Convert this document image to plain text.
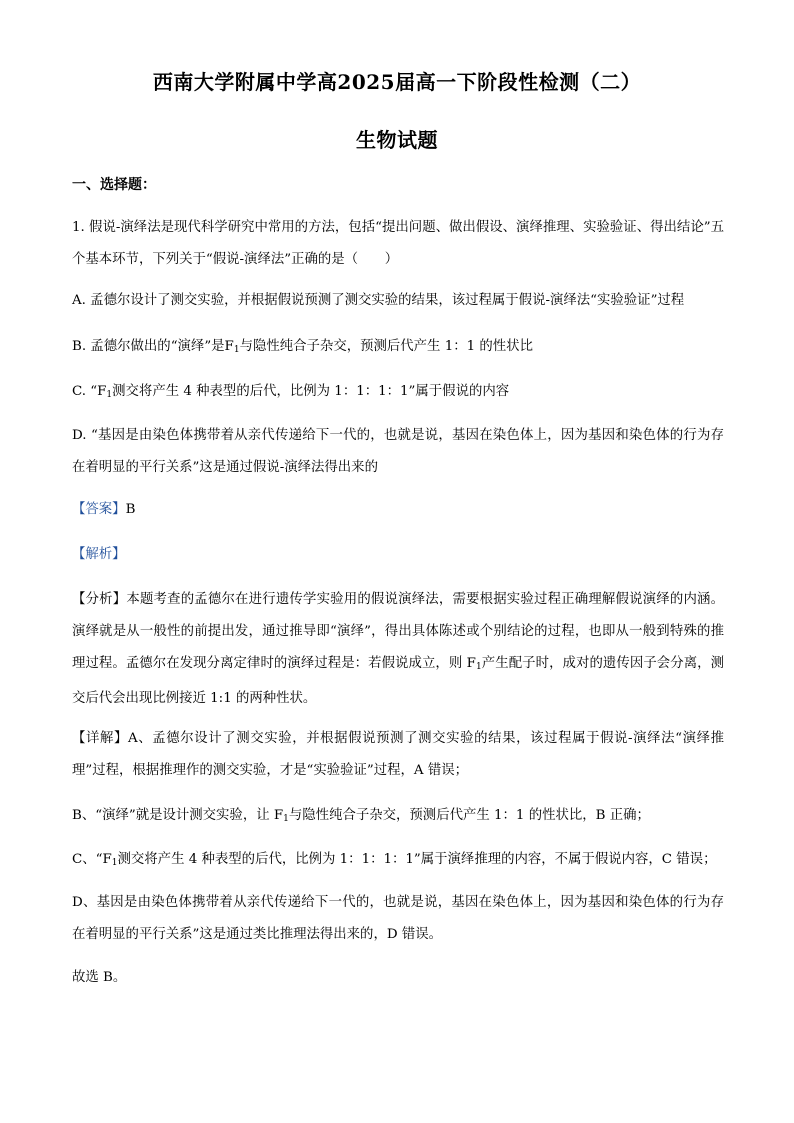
西南大学附属中学高2025届高一下阶段性检测（二）
生物试题
一、选择题：
1. 假说-演绎法是现代科学研究中常用的方法，包括“提出问题、做出假设、演绎推理、实验验证、得出结论”五个基本环节，下列关于“假说-演绎法”正确的是（　　）
A. 孟德尔设计了测交实验，并根据假说预测了测交实验的结果，该过程属于假说-演绎法“实验验证”过程
B. 孟德尔做出的“演绎”是$F_1$与隐性纯合子杂交，预测后代产生 1：1 的性状比
C. “$F_1$测交将产生 4 种表型的后代，比例为 1：1：1：1”属于假说的内容
D. “基因是由染色体携带着从亲代传递给下一代的，也就是说，基因在染色体上，因为基因和染色体的行为存在着明显的平行关系”这是通过假说-演绎法得出来的
【答案】B
【解析】
【分析】本题考查的孟德尔在进行遗传学实验用的假说演绎法，需要根据实验过程正确理解假说演绎的内涵。演绎就是从一般性的前提出发，通过推导即“演绎”，得出具体陈述或个别结论的过程，也即从一般到特殊的推理过程。孟德尔在发现分离定律时的演绎过程是：若假说成立，则 $F_1$产生配子时，成对的遗传因子会分离，测交后代会出现比例接近 1:1 的两种性状。
【详解】A、孟德尔设计了测交实验，并根据假说预测了测交实验的结果，该过程属于假说-演绎法“演绎推理”过程，根据推理作的测交实验，才是“实验验证”过程，A 错误；
B、“演绎”就是设计测交实验，让 $F_1$与隐性纯合子杂交，预测后代产生 1：1 的性状比，B 正确；
C、“$F_1$测交将产生 4 种表型的后代，比例为 1：1：1：1”属于演绎推理的内容，不属于假说内容，C 错误；
D、基因是由染色体携带着从亲代传递给下一代的，也就是说，基因在染色体上，因为基因和染色体的行为存在着明显的平行关系”这是通过类比推理法得出来的，D 错误。
故选 B。
